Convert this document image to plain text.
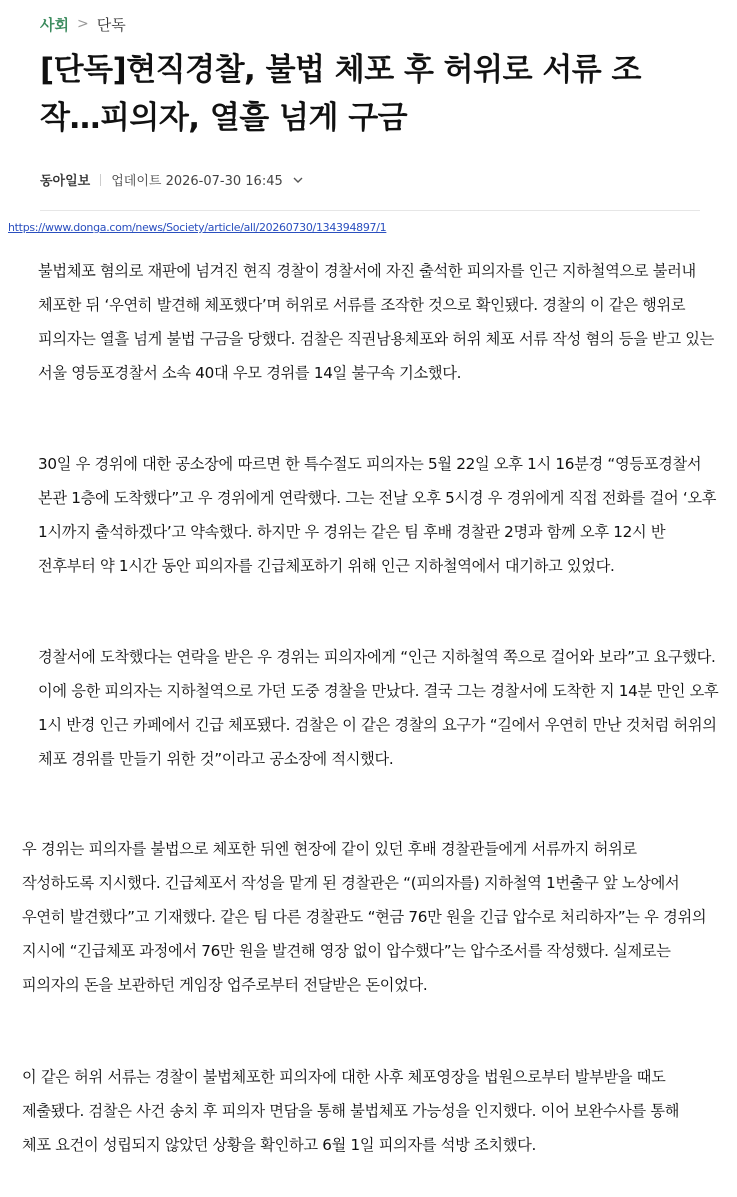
사회 > 단독
[단독]현직경찰, 불법 체포 후 허위로 서류 조작…피의자, 열흘 넘게 구금
동아일보 업데이트 2026-07-30 16:45
https://www.donga.com/news/Society/article/all/20260730/134394897/1

불법체포 혐의로 재판에 넘겨진 현직 경찰이 경찰서에 자진 출석한 피의자를 인근 지하철역으로 불러내 체포한 뒤 ‘우연히 발견해 체포했다’며 허위로 서류를 조작한 것으로 확인됐다. 경찰의 이 같은 행위로 피의자는 열흘 넘게 불법 구금을 당했다. 검찰은 직권남용체포와 허위 체포 서류 작성 혐의 등을 받고 있는 서울 영등포경찰서 소속 40대 우모 경위를 14일 불구속 기소했다.

30일 우 경위에 대한 공소장에 따르면 한 특수절도 피의자는 5월 22일 오후 1시 16분경 “영등포경찰서 본관 1층에 도착했다”고 우 경위에게 연락했다. 그는 전날 오후 5시경 우 경위에게 직접 전화를 걸어 ‘오후 1시까지 출석하겠다’고 약속했다. 하지만 우 경위는 같은 팀 후배 경찰관 2명과 함께 오후 12시 반 전후부터 약 1시간 동안 피의자를 긴급체포하기 위해 인근 지하철역에서 대기하고 있었다.

경찰서에 도착했다는 연락을 받은 우 경위는 피의자에게 “인근 지하철역 쪽으로 걸어와 보라”고 요구했다. 이에 응한 피의자는 지하철역으로 가던 도중 경찰을 만났다. 결국 그는 경찰서에 도착한 지 14분 만인 오후 1시 반경 인근 카페에서 긴급 체포됐다. 검찰은 이 같은 경찰의 요구가 “길에서 우연히 만난 것처럼 허위의 체포 경위를 만들기 위한 것”이라고 공소장에 적시했다.

우 경위는 피의자를 불법으로 체포한 뒤엔 현장에 같이 있던 후배 경찰관들에게 서류까지 허위로 작성하도록 지시했다. 긴급체포서 작성을 맡게 된 경찰관은 “(피의자를) 지하철역 1번출구 앞 노상에서 우연히 발견했다”고 기재했다. 같은 팀 다른 경찰관도 “현금 76만 원을 긴급 압수로 처리하자”는 우 경위의 지시에 “긴급체포 과정에서 76만 원을 발견해 영장 없이 압수했다”는 압수조서를 작성했다. 실제로는 피의자의 돈을 보관하던 게임장 업주로부터 전달받은 돈이었다.

이 같은 허위 서류는 경찰이 불법체포한 피의자에 대한 사후 체포영장을 법원으로부터 발부받을 때도 제출됐다. 검찰은 사건 송치 후 피의자 면담을 통해 불법체포 가능성을 인지했다. 이어 보완수사를 통해 체포 요건이 성립되지 않았던 상황을 확인하고 6월 1일 피의자를 석방 조치했다.
